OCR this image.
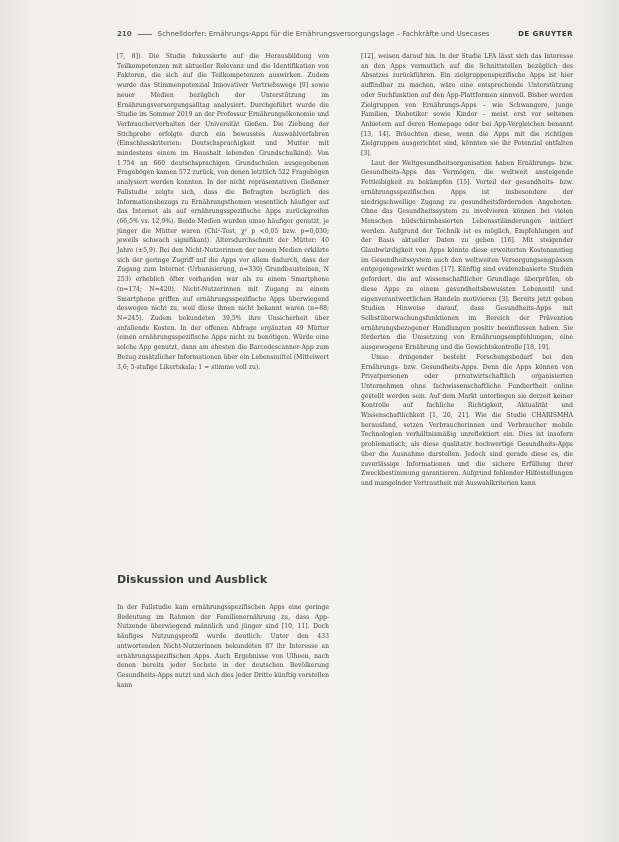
210	Schnelldorfer: Ernährungs-Apps für die Ernährungsversorgungslage – Fachkräfte und Usecases	DE GRUYTER

[7, 8]). Die Studie fokussierte auf die Herausbildung von Teilkompetenzen mit aktueller Relevanz und die Identifikation von Faktoren, die sich auf die Teilkompetenzen auswirken. Zudem wurde das Stimmenpotenzial Innovativer Vertriebswege [9] sowie neuer Medien bezüglich der Unterstützung im Ernährungsversorgungsalltag analysiert. Durchgeführt wurde die Studie im Sommer 2019 an der Professur Ernährungsökonomie und Verbraucherverhalten der Universität Gießen. Die Ziehung der Stichprobe erfolgte durch ein bewusstes Auswahlverfahren (Einschlusskriterien: Deutschsprachigkeit und Mutter mit mindestens einem im Haushalt lebenden Grundschulkind). Von 1.754 an 660 deutschsprachigen Grundschulen ausgegebenen Fragebögen kamen 572 zurück, von denen letztlich 522 Fragebögen analysiert werden konnten. In der nicht repräsentativen Gießener Fallstudie zeigte sich, dass die Befragten bezüglich des Informationsbezugs zu Ernährungsthemen wesentlich häufiger auf das Internet als auf ernährungsspezifische Apps zurückgreifen (66,5% vs. 12,9%). Beide Medien wurden umso häufiger genutzt, je jünger die Mütter waren (Chi²-Test, χ² p <0,05 bzw. p=0,030; jeweils schwach signifikant). Altersdurchschnitt der Mütter: 40 Jahre (±5,9). Bei den Nicht-Nutzerinnen der neuen Medien erklärte sich der geringe Zugriff auf die Apps vor allem dadurch, dass der Zugang zum Internet (Urbanisierung, n=330) Grundbausteinen, N 253) erheblich öfter vorhanden war als zu einem Smartphone (n=174; N=420). Nicht-Nutzerinnen mit Zugang zu einem Smartphone griffen auf ernährungsspezifische Apps überwiegend deswegen nicht zu, weil diese ihnen nicht bekannt waren (n=88; N=245). Zudem bekundeten 39,5% ihre Unsicherheit über anfallende Kosten. In der offenen Abfrage ergänzten 49 Mütter (einen ernährungsspezifische Apps nicht zu benötigen. Würde eine solche App genutzt, dann am ehesten die Barcodescanner-App zum Bezug zusätzlicher Informationen über ein Lebensmittel (Mittelwert 3,6; 5-stufige Likertskala: 1 = stimme voll zu).

Diskussion und Ausblick

In der Fallstudie kam ernährungsspezifischen Apps eine geringe Bedeutung im Rahmen der Familienernährung zu, dass App-Nutzende überwiegend männlich und jünger sind [10, 11]. Doch häufiges Nutzungsprofil wurde deutlich: Unter den 433 antwortenden Nicht-Nutzerinnen bekundeten 87 ihr Interesse an ernährungsspezifischen Apps. Auch Ergebnisse von Ulheen, nach denen bereits jeder Sechste in der deutschen Bevölkerung Gesundheits-Apps nutzt und sich dies jeder Dritte künftig vorstellen kann

[12], weisen darauf hin. In der Studie LFA lässt sich das Interesse an den Apps vermutlich auf die Schnittstellen bezüglich des Absatzes zurückführen. Ein zielgruppenspezifische Apps ist hier auffindbar zu machen, wäre eine entsprechende Unterstützung oder Suchfunktion auf den App-Plattformen sinnvoll. Bisher werden Zielgruppen von Ernährungs-Apps – wie Schwangere, junge Familien, Diabetiker sowie Kinder – meist erst vor seltenen Anbietern auf deren Homepage oder bei App-Vergleichen benannt [13, 14]. Bräuchten diese, wenn die Apps mit die richtigen Zielgruppen ausgerichtet sind, könnten sie ihr Potenzial entfalten [3].

Laut der Weltgesundheitsorganisation haben Ernährungs- bzw. Gesundheits-Apps das Vermögen, die weltweit ansteigende Fettleibigkeit zu bekämpfen [15]. Vorteil der gesundheits- bzw. ernährungsspezifischen Apps ist insbesondere der niedrigschwellige Zugang zu gesundheitsfördernden Angeboten. Ohne das Gesundheitssystem zu involvieren können bei vielen Menschen bildschirmbasierten Lebensstiländerungen initiiert werden. Aufgrund der Technik ist es möglich, Empfehlungen auf der Basis aktueller Daten zu geben [16]. Mit steigender Glaubwürdigkeit von Apps könnte diese erweiterten Kostenanstieg im Gesundheitssystem auch den weltweiten Versorgungsengpässen entgegengewirkt werden [17]. Künftig sind evidenzbasierte Studien gefordert, die auf wissenschaftlicher Grundlage überprüfen, ob diese Apps zu einem gesundheitsbewussten Lebensstil und eigenverantwortlichen Handeln motivieren [3]. Bereits jetzt geben Studien Hinweise darauf, dass Gesundheits-Apps mit Selbstüberwachungsfunktionen im Bereich der Prävention ernährungsbezogener Handlungen positiv beeinflussen haben. Sie förderten die Umsetzung von Ernährungsempfehlungen, eine ausgewogene Ernährung und die Gewichtskontrolle [18, 19].

Umso dringender besteht Forschungsbedarf bei den Ernährungs- bzw. Gesundheits-Apps. Denn die Apps können von Privatpersonen oder privatwirtschaftlich organisierten Unternehmen ohne fachwissenschaftliche Fundiertheit online gestellt werden sein. Auf dem Markt unterliegen sie derzeit keiner Kontrolle auf fachliche Richtigkeit, Aktualität und Wissenschaftlichkeit [1, 20, 21]. Wie die Studie CHARISMHA herausfand, setzen Verbraucherinnen und Verbraucher mobile Technologien verhältnismäßig unreflektiert ein. Dies ist insofern problematisch, als diese qualitativ hochwertige Gesundheits-Apps über die Ausnahme darstellen. Jedoch sind gerade diese es, die zuverlässige Informationen und die sichere Erfüllung ihrer Zweckbestimmung garantieren. Aufgrund fehlender Hilfestellungen und mangelnder Vertrautheit mit Auswahlkriterien kann
